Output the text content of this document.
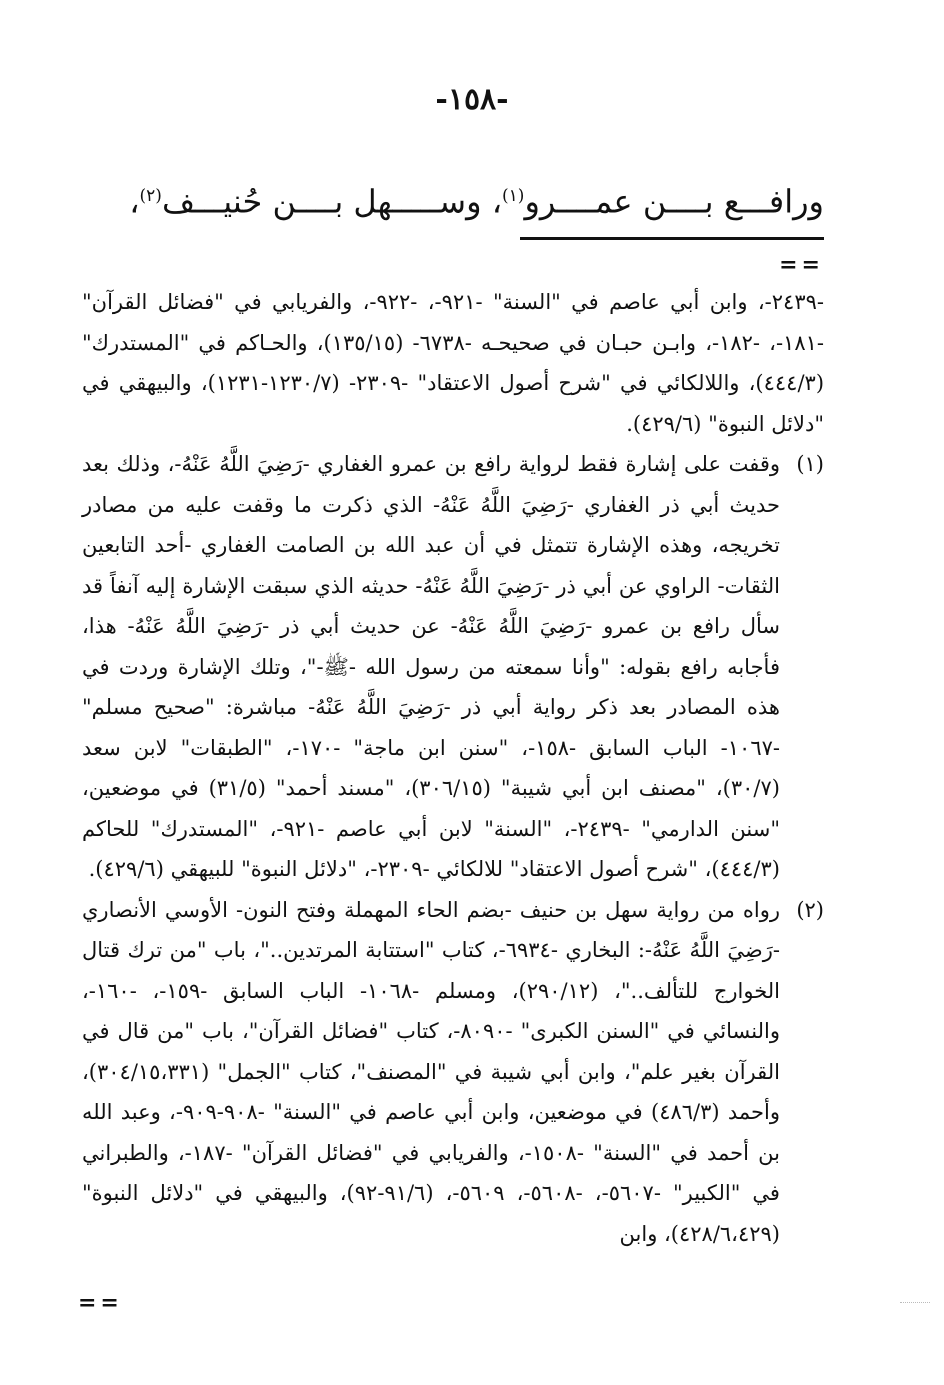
-١٥٨-
ورافـــع بــــن عمــــرو$^{(١)}$، وســـــهل بــــن حُنيـــف$^{(٢)}$،
==

-٢٤٣٩-، وابن أبي عاصم في "السنة" -٩٢١-، -٩٢٢-، والفريابي في "فضائل القرآن" -١٨١-، -١٨٢-، وابـن حبـان في صحيحـه -٦٧٣٨- (١٣٥/١٥)، والحـاكم في "المستدرك" (٤٤٤/٣)، واللالكائي في "شرح أصول الاعتقاد" -٢٣٠٩- (١٢٣٠/٧-١٢٣١)، والبيهقي في "دلائل النبوة" (٤٢٩/٦).

(١)وقفت على إشارة فقط لرواية رافع بن عمرو الغفاري -رَضِيَ اللَّهُ عَنْهُ-، وذلك بعد حديث أبي ذر الغفاري -رَضِيَ اللَّهُ عَنْهُ- الذي ذكرت ما وقفت عليه من مصادر تخريجه، وهذه الإشارة تتمثل في أن عبد الله بن الصامت الغفاري -أحد التابعين الثقات- الراوي عن أبي ذر -رَضِيَ اللَّهُ عَنْهُ- حديثه الذي سبقت الإشارة إليه آنفاً قد سأل رافع بن عمرو -رَضِيَ اللَّهُ عَنْهُ- عن حديث أبي ذر -رَضِيَ اللَّهُ عَنْهُ- هذا، فأجابه رافع بقوله: "وأنا سمعته من رسول الله -ﷺ-"، وتلك الإشارة وردت في هذه المصادر بعد ذكر رواية أبي ذر -رَضِيَ اللَّهُ عَنْهُ- مباشرة: "صحيح مسلم" -١٠٦٧- الباب السابق -١٥٨-، "سنن ابن ماجة" -١٧٠-، "الطبقات" لابن سعد (٣٠/٧)، "مصنف ابن أبي شيبة" (٣٠٦/١٥)، "مسند أحمد" (٣١/٥) في موضعين، "سنن الدارمي" -٢٤٣٩-، "السنة" لابن أبي عاصم -٩٢١-، "المستدرك" للحاكم (٤٤٤/٣)، "شرح أصول الاعتقاد" للالكائي -٢٣٠٩-، "دلائل النبوة" للبيهقي (٤٢٩/٦).

(٢)رواه من رواية سهل بن حنيف -بضم الحاء المهملة وفتح النون- الأوسي الأنصاري -رَضِيَ اللَّهُ عَنْهُ-: البخاري -٦٩٣٤-، كتاب "استتابة المرتدين.."، باب "من ترك قتال الخوارج للتألف.."، (٢٩٠/١٢)، ومسلم -١٠٦٨- الباب السابق -١٥٩-، -١٦٠-، والنسائي في "السنن الكبرى" -٨٠٩٠-، كتاب "فضائل القرآن"، باب "من قال في القرآن بغير علم"، وابن أبي شيبة في "المصنف"، كتاب "الجمل" (٣٠٤/١٥،٣٣١)، وأحمد (٤٨٦/٣) في موضعين، وابن أبي عاصم في "السنة" -٩٠٨-٩٠٩-، وعبد الله بن أحمد في "السنة" -١٥٠٨-، والفريابي في "فضائل القرآن" -١٨٧-، والطبراني في "الكبير" -٥٦٠٧-، -٥٦٠٨-، ٥٦٠٩-، (٩١/٦-٩٢)، والبيهقي في "دلائل النبوة" (٤٢٨/٦،٤٢٩)، وابن

==
